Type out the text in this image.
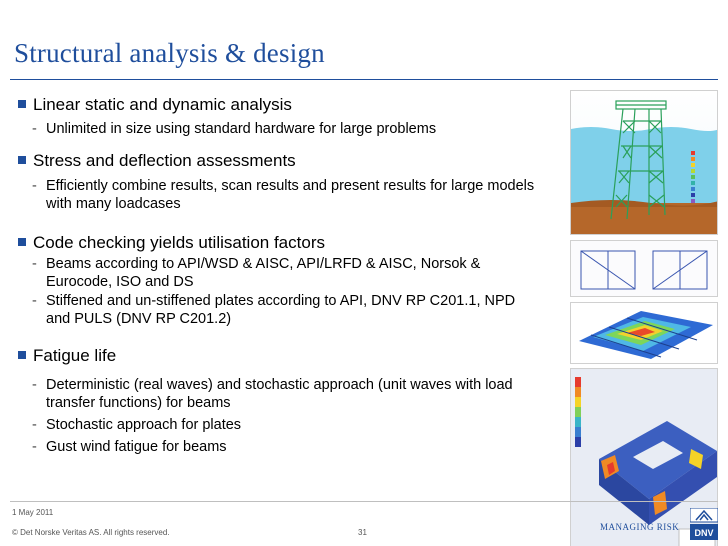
Structural analysis & design
Linear static and dynamic analysis
- Unlimited in size using standard hardware for large problems
Stress and deflection assessments
- Efficiently combine results, scan results and present results for large models with many loadcases
Code checking yields utilisation factors
- Beams according to API/WSD & AISC, API/LRFD & AISC, Norsok & Eurocode, ISO and DS
- Stiffened and un-stiffened plates according to API, DNV RP C201.1, NPD and PULS (DNV RP C201.2)
Fatigue life
- Deterministic (real waves) and stochastic approach (unit waves with load transfer functions) for beams
- Stochastic approach for plates
- Gust wind fatigue for beams
1 May 2011
© Det Norske Veritas AS. All rights reserved.	31
MANAGING RISK
DNV
